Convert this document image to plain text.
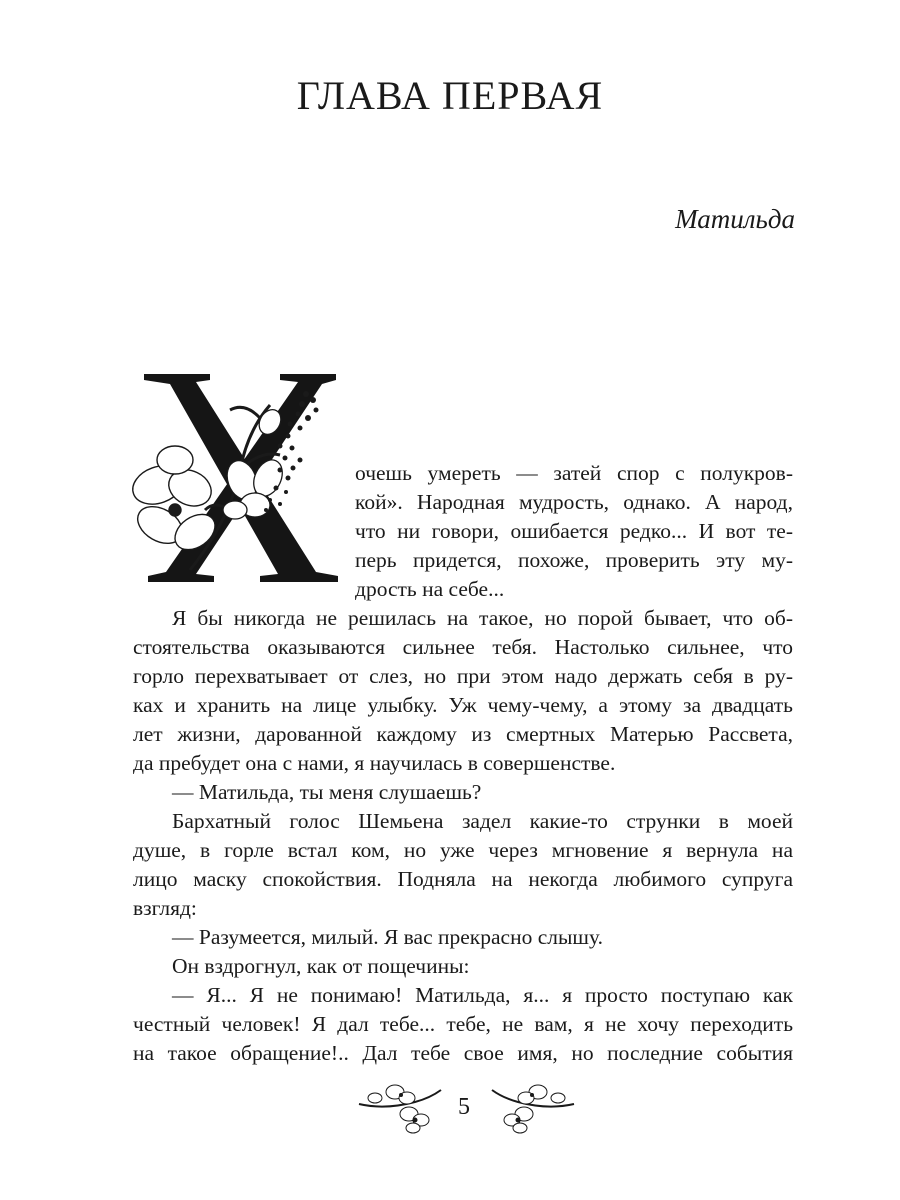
ГЛАВА ПЕРВАЯ
Матильда
очешь умереть — затей спор с полукров-
кой». Народная мудрость, однако. А народ,
что ни говори, ошибается редко... И вот те-
перь придется, похоже, проверить эту му-
дрость на себе...
Я бы никогда не решилась на такое, но порой бывает, что об-
стоятельства оказываются сильнее тебя. Настолько сильнее, что
горло перехватывает от слез, но при этом надо держать себя в ру-
ках и хранить на лице улыбку. Уж чему-чему, а этому за двадцать
лет жизни, дарованной каждому из смертных Матерью Рассвета,
да пребудет она с нами, я научилась в совершенстве.
— Матильда, ты меня слушаешь?
Бархатный голос Шемьена задел какие-то струнки в моей
душе, в горле встал ком, но уже через мгновение я вернула на
лицо маску спокойствия. Подняла на некогда любимого супруга
взгляд:
— Разумеется, милый. Я вас прекрасно слышу.
Он вздрогнул, как от пощечины:
— Я... Я не понимаю! Матильда, я... я просто поступаю как
честный человек! Я дал тебе... тебе, не вам, я не хочу переходить
на такое обращение!.. Дал тебе свое имя, но последние события
5
